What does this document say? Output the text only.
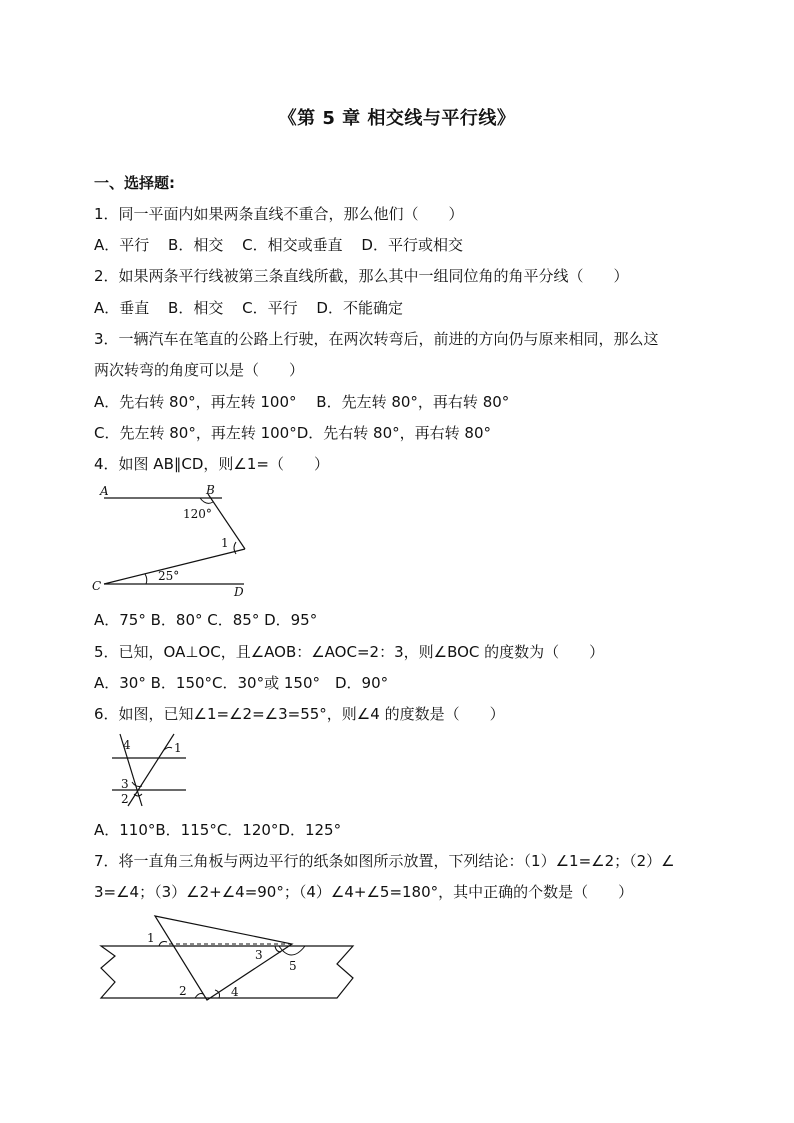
《第 5 章 相交线与平行线》
一、选择题:
1．同一平面内如果两条直线不重合，那么他们（　　）
A．平行 B．相交 C．相交或垂直 D．平行或相交
2．如果两条平行线被第三条直线所截，那么其中一组同位角的角平分线（　　）
A．垂直 B．相交 C．平行 D．不能确定
3．一辆汽车在笔直的公路上行驶，在两次转弯后，前进的方向仍与原来相同，那么这
两次转弯的角度可以是（　　）
A．先右转 80°，再左转 100°　 B．先左转 80°，再右转 80°
C．先左转 80°，再左转 100°D．先右转 80°，再右转 80°
4．如图 AB∥CD，则∠1=（　　）
A	B
C	D
120°
1
25°
A．75° B．80° C．85° D．95°
5．已知，OA⊥OC，且∠AOB：∠AOC=2：3，则∠BOC 的度数为（　　）
A．30° B．150°C．30°或 150°　D．90°
6．如图，已知∠1=∠2=∠3=55°，则∠4 的度数是（　　）
4	1
3
2
A．110°B．115°C．120°D．125°
7．将一直角三角板与两边平行的纸条如图所示放置，下列结论：（1）∠1=∠2；（2）∠
3=∠4；（3）∠2+∠4=90°；（4）∠4+∠5=180°，其中正确的个数是（　　）
1
2
3
4
5
